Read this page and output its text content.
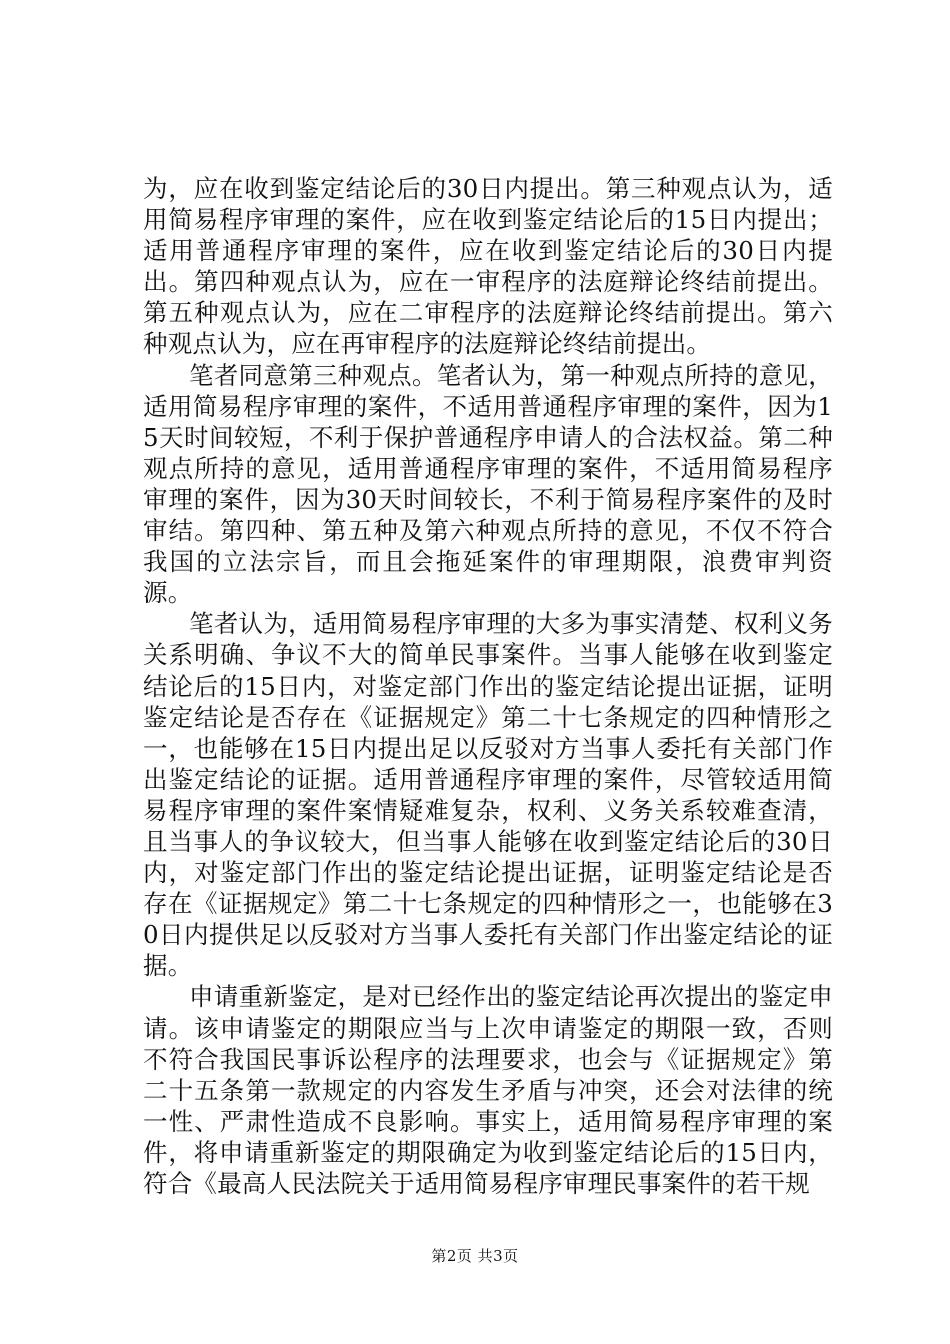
为，应在收到鉴定结论后的30日内提出。第三种观点认为，适用简易程序审理的案件，应在收到鉴定结论后的15日内提出；适用普通程序审理的案件，应在收到鉴定结论后的30日内提出。第四种观点认为，应在一审程序的法庭辩论终结前提出。第五种观点认为，应在二审程序的法庭辩论终结前提出。第六种观点认为，应在再审程序的法庭辩论终结前提出。

笔者同意第三种观点。笔者认为，第一种观点所持的意见，适用简易程序审理的案件，不适用普通程序审理的案件，因为15天时间较短，不利于保护普通程序申请人的合法权益。第二种观点所持的意见，适用普通程序审理的案件，不适用简易程序审理的案件，因为30天时间较长，不利于简易程序案件的及时审结。第四种、第五种及第六种观点所持的意见，不仅不符合我国的立法宗旨，而且会拖延案件的审理期限，浪费审判资源。

笔者认为，适用简易程序审理的大多为事实清楚、权利义务关系明确、争议不大的简单民事案件。当事人能够在收到鉴定结论后的15日内，对鉴定部门作出的鉴定结论提出证据，证明鉴定结论是否存在《证据规定》第二十七条规定的四种情形之一，也能够在15日内提出足以反驳对方当事人委托有关部门作出鉴定结论的证据。适用普通程序审理的案件，尽管较适用简易程序审理的案件案情疑难复杂，权利、义务关系较难查清，且当事人的争议较大，但当事人能够在收到鉴定结论后的30日内，对鉴定部门作出的鉴定结论提出证据，证明鉴定结论是否存在《证据规定》第二十七条规定的四种情形之一，也能够在30日内提供足以反驳对方当事人委托有关部门作出鉴定结论的证据。

申请重新鉴定，是对已经作出的鉴定结论再次提出的鉴定申请。该申请鉴定的期限应当与上次申请鉴定的期限一致，否则不符合我国民事诉讼程序的法理要求，也会与《证据规定》第二十五条第一款规定的内容发生矛盾与冲突，还会对法律的统一性、严肃性造成不良影响。事实上，适用简易程序审理的案件，将申请重新鉴定的期限确定为收到鉴定结论后的15日内，符合《最高人民法院关于适用简易程序审理民事案件的若干规

第2页 共3页
